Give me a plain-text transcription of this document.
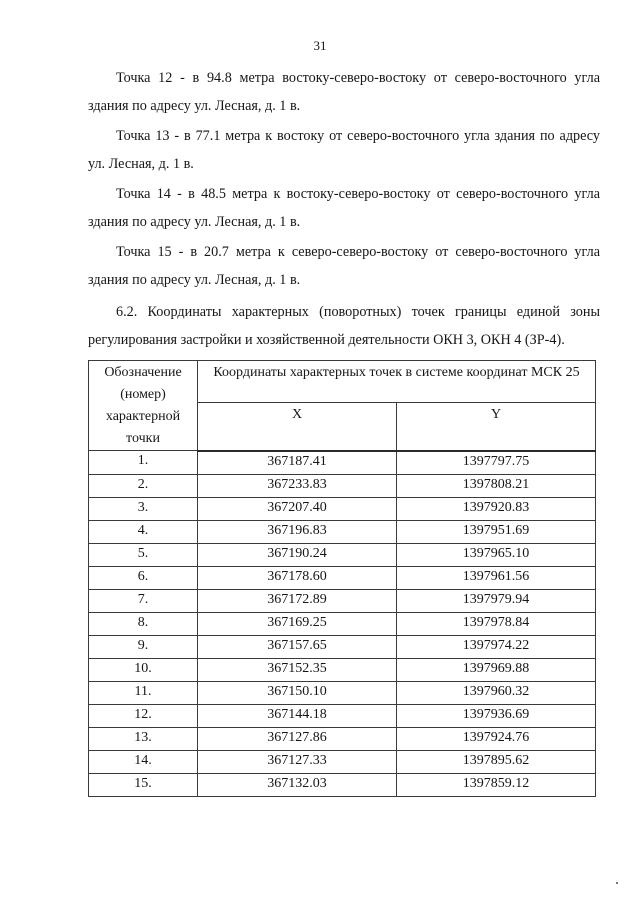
31

Точка 12 - в 94.8 метра востоку-северо-востоку от северо-восточного угла здания по адресу ул. Лесная, д. 1 в.

Точка 13 - в 77.1 метра к востоку от северо-восточного угла здания по адресу ул. Лесная, д. 1 в.

Точка 14 - в 48.5 метра к востоку-северо-востоку от северо-восточного угла здания по адресу ул. Лесная, д. 1 в.

Точка 15 - в 20.7 метра к северо-северо-востоку от северо-восточного угла здания по адресу ул. Лесная, д. 1 в.

6.2. Координаты характерных (поворотных) точек границы единой зоны регулирования застройки и хозяйственной деятельности ОКН 3, ОКН 4 (ЗР-4).

Обозначение (номер) характерной точки	Координаты характерных точек в системе координат МСК 25	
	X	Y
1.	367187.41	1397797.75
2.	367233.83	1397808.21
3.	367207.40	1397920.83
4.	367196.83	1397951.69
5.	367190.24	1397965.10
6.	367178.60	1397961.56
7.	367172.89	1397979.94
8.	367169.25	1397978.84
9.	367157.65	1397974.22
10.	367152.35	1397969.88
11.	367150.10	1397960.32
12.	367144.18	1397936.69
13.	367127.86	1397924.76
14.	367127.33	1397895.62
15.	367132.03	1397859.12
